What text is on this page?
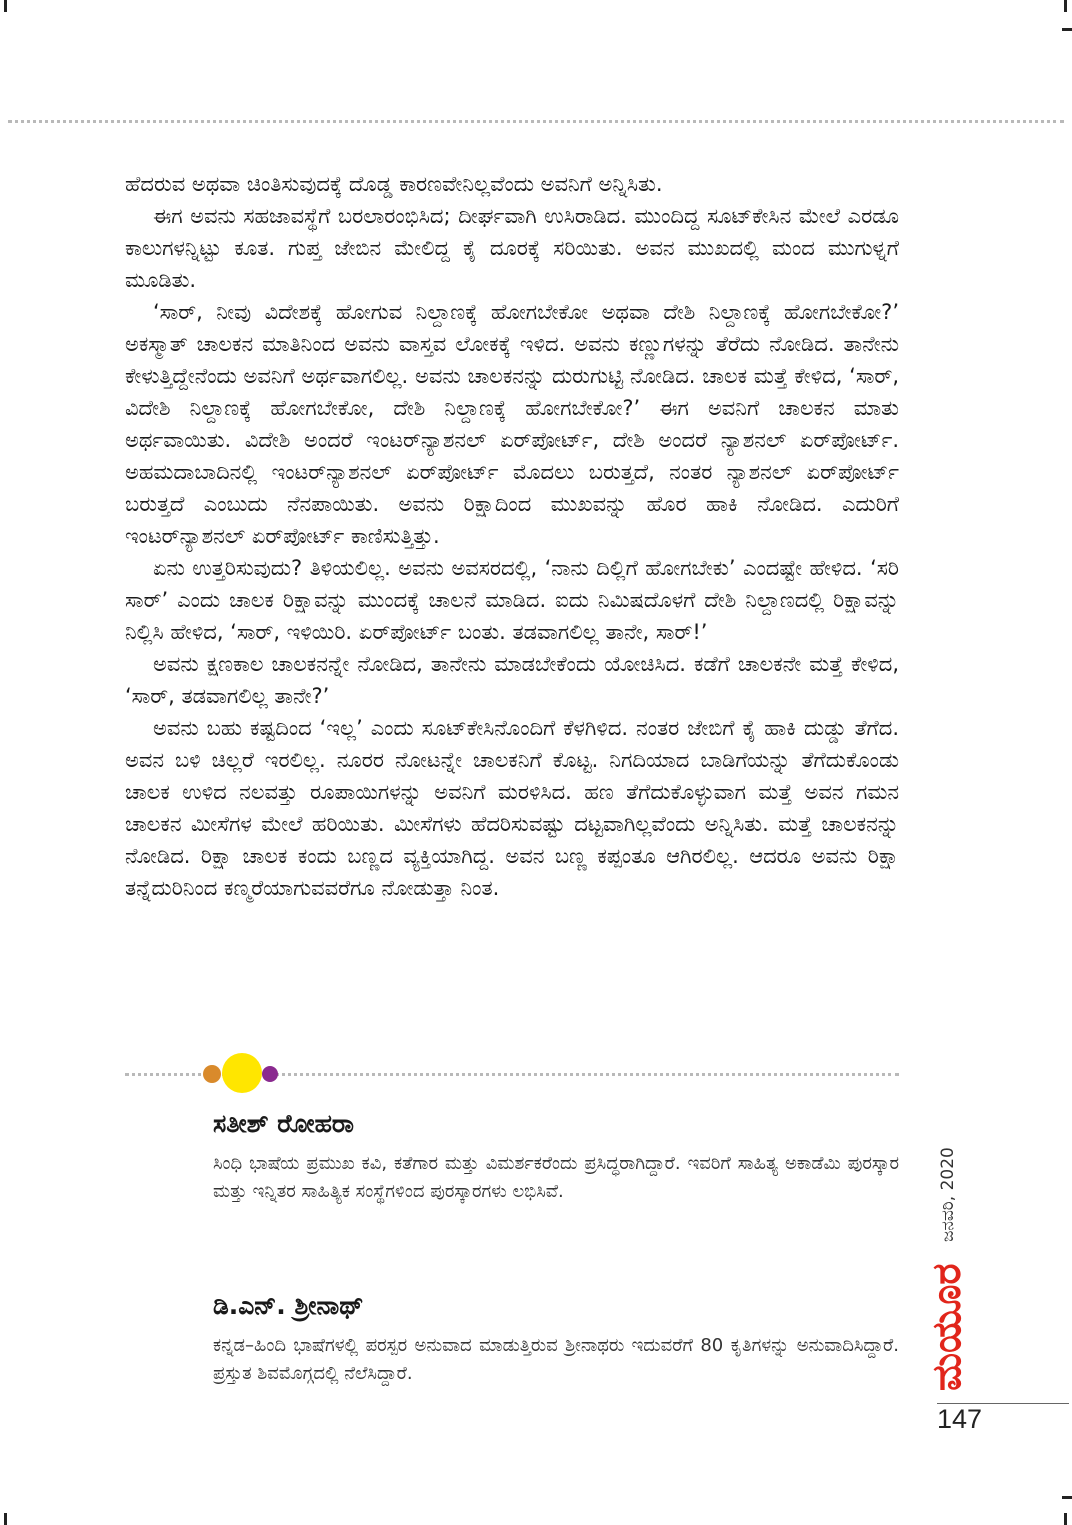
ಹೆದರುವ ಅಥವಾ ಚಿಂತಿಸುವುದಕ್ಕೆ ದೊಡ್ಡ ಕಾರಣವೇನಿಲ್ಲವೆಂದು ಅವನಿಗೆ ಅನ್ನಿಸಿತು.

ಈಗ ಅವನು ಸಹಜಾವಸ್ಥೆಗೆ ಬರಲಾರಂಭಿಸಿದ; ದೀರ್ಘವಾಗಿ ಉಸಿರಾಡಿದ. ಮುಂದಿದ್ದ ಸೂಟ್‌ಕೇಸಿನ ಮೇಲೆ ಎರಡೂ ಕಾಲುಗಳನ್ನಿಟ್ಟು ಕೂತ. ಗುಪ್ತ ಜೇಬಿನ ಮೇಲಿದ್ದ ಕೈ ದೂರಕ್ಕೆ ಸರಿಯಿತು. ಅವನ ಮುಖದಲ್ಲಿ ಮಂದ ಮುಗುಳ್ನಗೆ ಮೂಡಿತು.

‘ಸಾರ್, ನೀವು ವಿದೇಶಕ್ಕೆ ಹೋಗುವ ನಿಲ್ದಾಣಕ್ಕೆ ಹೋಗಬೇಕೋ ಅಥವಾ ದೇಶಿ ನಿಲ್ದಾಣಕ್ಕೆ ಹೋಗಬೇಕೋ?’ ಅಕಸ್ಮಾತ್ ಚಾಲಕನ ಮಾತಿನಿಂದ ಅವನು ವಾಸ್ತವ ಲೋಕಕ್ಕೆ ಇಳಿದ. ಅವನು ಕಣ್ಣುಗಳನ್ನು ತೆರೆದು ನೋಡಿದ. ತಾನೇನು ಕೇಳುತ್ತಿದ್ದೇನೆಂದು ಅವನಿಗೆ ಅರ್ಥವಾಗಲಿಲ್ಲ. ಅವನು ಚಾಲಕನನ್ನು ದುರುಗುಟ್ಟಿ ನೋಡಿದ. ಚಾಲಕ ಮತ್ತೆ ಕೇಳಿದ, ‘ಸಾರ್, ವಿದೇಶಿ ನಿಲ್ದಾಣಕ್ಕೆ ಹೋಗಬೇಕೋ, ದೇಶಿ ನಿಲ್ದಾಣಕ್ಕೆ ಹೋಗಬೇಕೋ?’ ಈಗ ಅವನಿಗೆ ಚಾಲಕನ ಮಾತು ಅರ್ಥವಾಯಿತು. ವಿದೇಶಿ ಅಂದರೆ ಇಂಟರ್‌ನ್ಯಾಶನಲ್ ಏರ್‌ಪೋರ್ಟ್, ದೇಶಿ ಅಂದರೆ ನ್ಯಾಶನಲ್ ಏರ್‌ಪೋರ್ಟ್. ಅಹಮದಾಬಾದಿನಲ್ಲಿ ಇಂಟರ್‌ನ್ಯಾಶನಲ್ ಏರ್‌ಪೋರ್ಟ್ ಮೊದಲು ಬರುತ್ತದೆ, ನಂತರ ನ್ಯಾಶನಲ್ ಏರ್‌ಪೋರ್ಟ್ ಬರುತ್ತದೆ ಎಂಬುದು ನೆನಪಾಯಿತು. ಅವನು ರಿಕ್ಷಾದಿಂದ ಮುಖವನ್ನು ಹೊರ ಹಾಕಿ ನೋಡಿದ. ಎದುರಿಗೆ ಇಂಟರ್‌ನ್ಯಾಶನಲ್ ಏರ್‌ಪೋರ್ಟ್ ಕಾಣಿಸುತ್ತಿತ್ತು.

ಏನು ಉತ್ತರಿಸುವುದು? ತಿಳಿಯಲಿಲ್ಲ. ಅವನು ಅವಸರದಲ್ಲಿ, ‘ನಾನು ದಿಲ್ಲಿಗೆ ಹೋಗಬೇಕು’ ಎಂದಷ್ಟೇ ಹೇಳಿದ. ‘ಸರಿ ಸಾರ್’ ಎಂದು ಚಾಲಕ ರಿಕ್ಷಾವನ್ನು ಮುಂದಕ್ಕೆ ಚಾಲನೆ ಮಾಡಿದ. ಐದು ನಿಮಿಷದೊಳಗೆ ದೇಶಿ ನಿಲ್ದಾಣದಲ್ಲಿ ರಿಕ್ಷಾವನ್ನು ನಿಲ್ಲಿಸಿ ಹೇಳಿದ, ‘ಸಾರ್, ಇಳಿಯಿರಿ. ಏರ್‌ಪೋರ್ಟ್ ಬಂತು. ತಡವಾಗಲಿಲ್ಲ ತಾನೇ, ಸಾರ್!’

ಅವನು ಕ್ಷಣಕಾಲ ಚಾಲಕನನ್ನೇ ನೋಡಿದ, ತಾನೇನು ಮಾಡಬೇಕೆಂದು ಯೋಚಿಸಿದ. ಕಡೆಗೆ ಚಾಲಕನೇ ಮತ್ತೆ ಕೇಳಿದ, ‘ಸಾರ್, ತಡವಾಗಲಿಲ್ಲ ತಾನೇ?’

ಅವನು ಬಹು ಕಷ್ಟದಿಂದ ‘ಇಲ್ಲ’ ಎಂದು ಸೂಟ್‌ಕೇಸಿನೊಂದಿಗೆ ಕೆಳಗಿಳಿದ. ನಂತರ ಜೇಬಿಗೆ ಕೈ ಹಾಕಿ ದುಡ್ಡು ತೆಗೆದ. ಅವನ ಬಳಿ ಚಿಲ್ಲರೆ ಇರಲಿಲ್ಲ. ನೂರರ ನೋಟನ್ನೇ ಚಾಲಕನಿಗೆ ಕೊಟ್ಟ. ನಿಗದಿಯಾದ ಬಾಡಿಗೆಯನ್ನು ತೆಗೆದುಕೊಂಡು ಚಾಲಕ ಉಳಿದ ನಲವತ್ತು ರೂಪಾಯಿಗಳನ್ನು ಅವನಿಗೆ ಮರಳಿಸಿದ. ಹಣ ತೆಗೆದುಕೊಳ್ಳುವಾಗ ಮತ್ತೆ ಅವನ ಗಮನ ಚಾಲಕನ ಮೀಸೆಗಳ ಮೇಲೆ ಹರಿಯಿತು. ಮೀಸೆಗಳು ಹೆದರಿಸುವಷ್ಟು ದಟ್ಟವಾಗಿಲ್ಲವೆಂದು ಅನ್ನಿಸಿತು. ಮತ್ತೆ ಚಾಲಕನನ್ನು ನೋಡಿದ. ರಿಕ್ಷಾ ಚಾಲಕ ಕಂದು ಬಣ್ಣದ ವ್ಯಕ್ತಿಯಾಗಿದ್ದ. ಅವನ ಬಣ್ಣ ಕಪ್ಪಂತೂ ಆಗಿರಲಿಲ್ಲ. ಆದರೂ ಅವನು ರಿಕ್ಷಾ ತನ್ನೆದುರಿನಿಂದ ಕಣ್ಮರೆಯಾಗುವವರೆಗೂ ನೋಡುತ್ತಾ ನಿಂತ.

ಸತೀಶ್ ರೋಹರಾ

ಸಿಂಧಿ ಭಾಷೆಯ ಪ್ರಮುಖ ಕವಿ, ಕತೆಗಾರ ಮತ್ತು ವಿಮರ್ಶಕರೆಂದು ಪ್ರಸಿದ್ಧರಾಗಿದ್ದಾರೆ. ಇವರಿಗೆ ಸಾಹಿತ್ಯ ಅಕಾಡೆಮಿ ಪುರಸ್ಕಾರ ಮತ್ತು ಇನ್ನಿತರ ಸಾಹಿತ್ಯಿಕ ಸಂಸ್ಥೆಗಳಿಂದ ಪುರಸ್ಕಾರಗಳು ಲಭಿಸಿವೆ.

ಡಿ.ಎನ್. ಶ್ರೀನಾಥ್

ಕನ್ನಡ–ಹಿಂದಿ ಭಾಷೆಗಳಲ್ಲಿ ಪರಸ್ಪರ ಅನುವಾದ ಮಾಡುತ್ತಿರುವ ಶ್ರೀನಾಥರು ಇದುವರೆಗೆ 80 ಕೃತಿಗಳನ್ನು ಅನುವಾದಿಸಿದ್ದಾರೆ. ಪ್ರಸ್ತುತ ಶಿವಮೊಗ್ಗದಲ್ಲಿ ನೆಲೆಸಿದ್ದಾರೆ.

ಜನವರಿ, 2020
ಮಯೂರ
147
